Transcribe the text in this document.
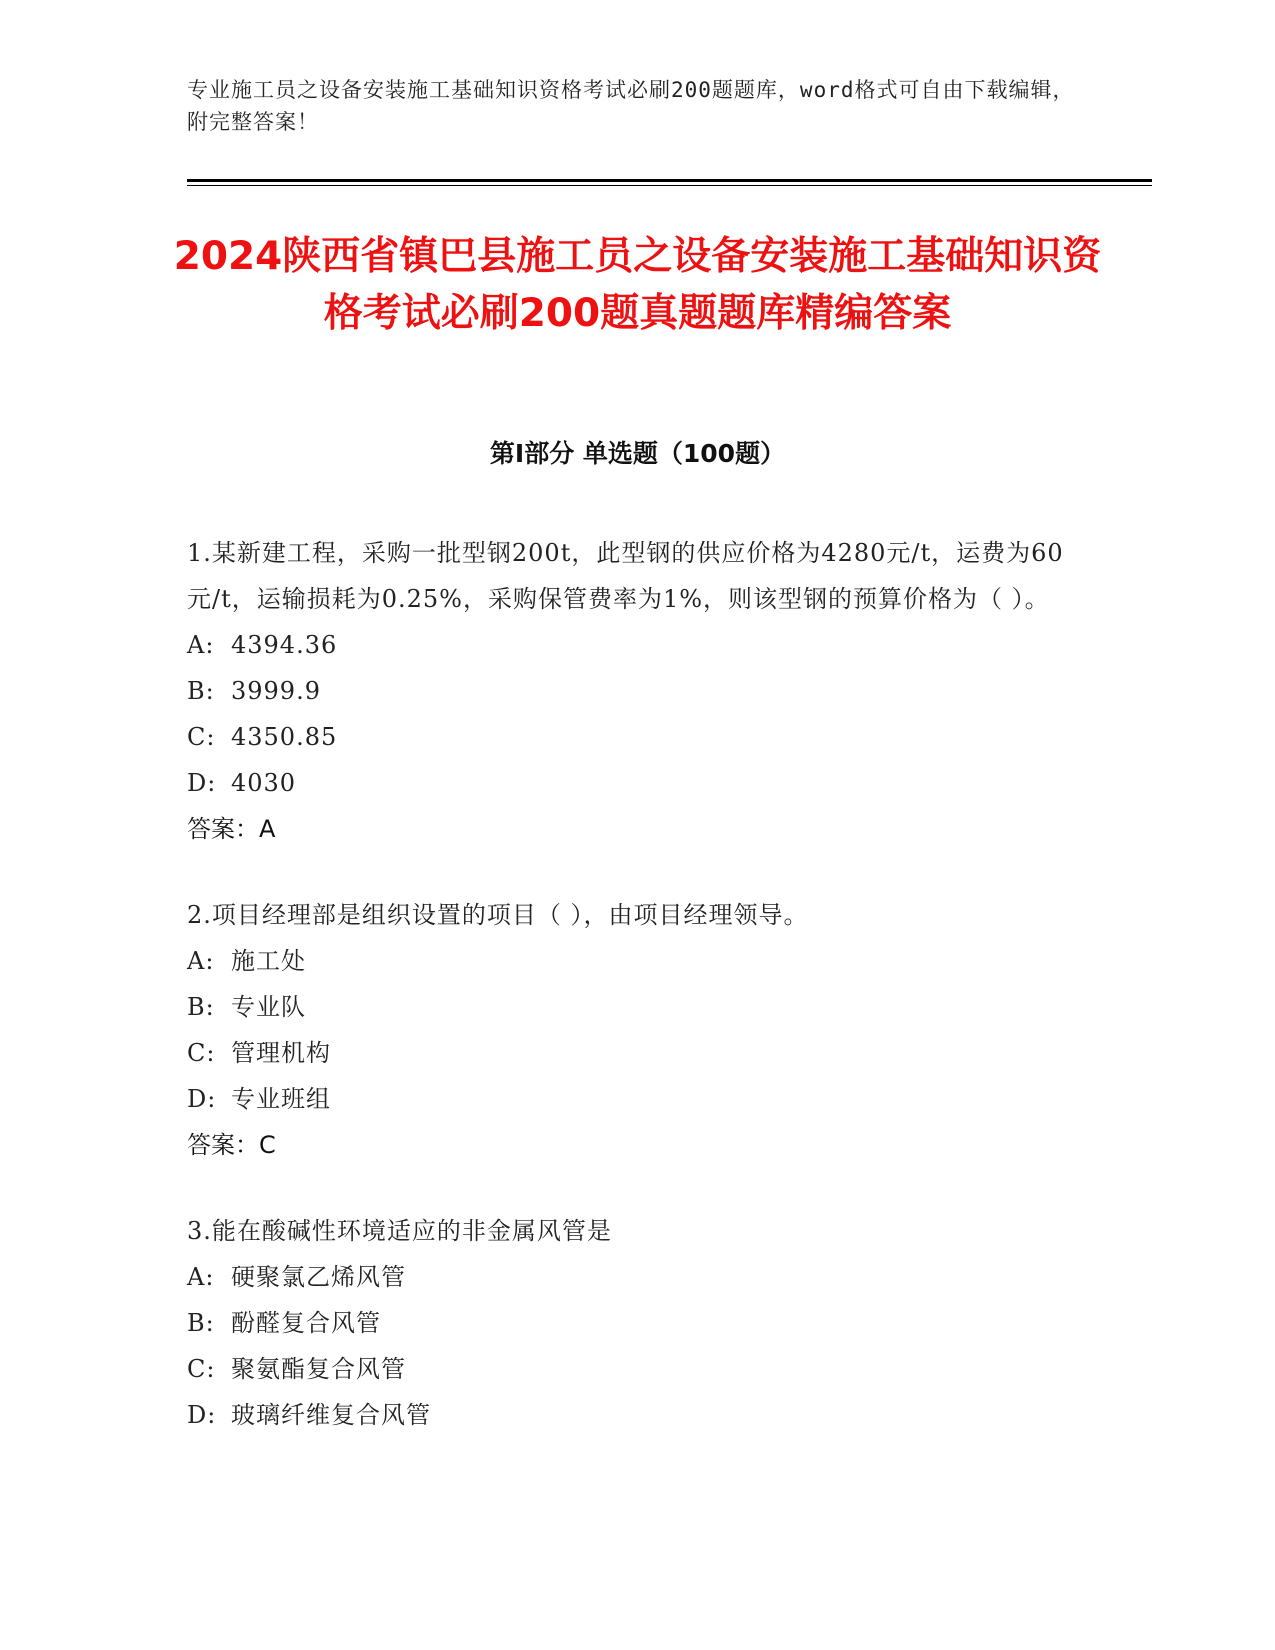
专业施工员之设备安装施工基础知识资格考试必刷200题题库，word格式可自由下载编辑，附完整答案！
2024陕西省镇巴县施工员之设备安装施工基础知识资格考试必刷200题真题题库精编答案
第Ⅰ部分 单选题（100题）
1.某新建工程，采购一批型钢200t，此型钢的供应价格为4280元/t，运费为60元/t，运输损耗为0.25%，采购保管费率为1%，则该型钢的预算价格为（ ）。
A: 4394.36
B: 3999.9
C: 4350.85
D: 4030
答案：A
2.项目经理部是组织设置的项目（ ），由项目经理领导。
A: 施工处
B: 专业队
C: 管理机构
D: 专业班组
答案：C
3.能在酸碱性环境适应的非金属风管是
A: 硬聚氯乙烯风管
B: 酚醛复合风管
C: 聚氨酯复合风管
D: 玻璃纤维复合风管
